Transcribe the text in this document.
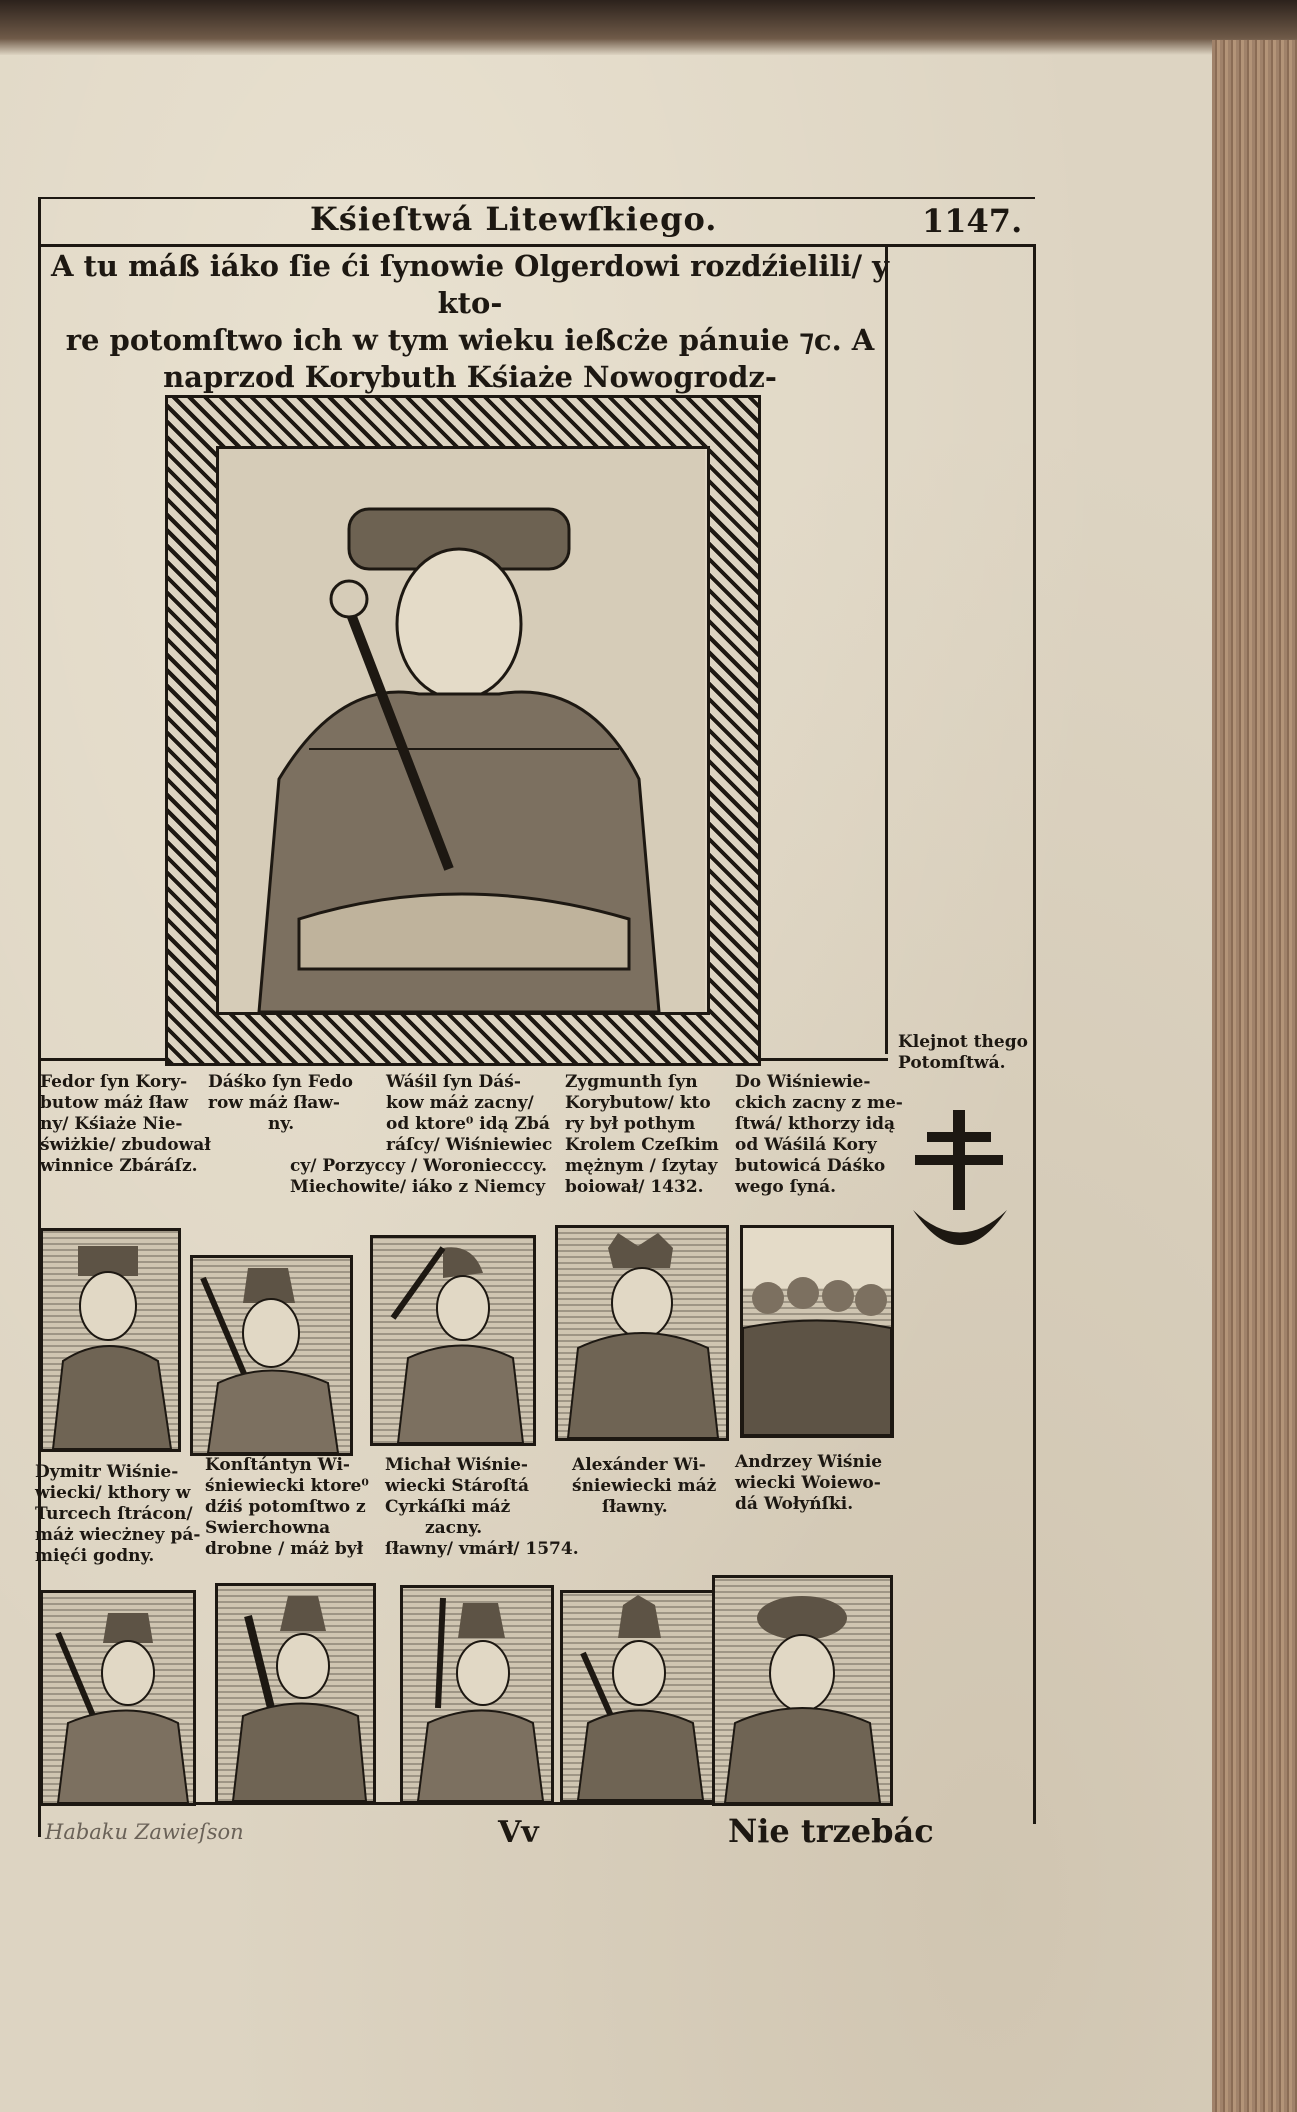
Kśieſtwá Litewſkiego.	1147.
A tu máß iáko ſie ći ſynowie Olgerdowi rozdźielili/ y kto-
re potomſtwo ich w tym wieku ießcże pánuie ⁊c. A
naprzod Korybuth Kśiaże Nowogrodz-
Klejnot thego
Potomſtwá.
Fedor ſyn Kory-
butow máż ſław
ny/ Kśiaże Nie-
świżkie/ zbudował
winnice Zbáráſz.
Dáśko ſyn Fedo
row máż ſław-
ny.
Wáśil ſyn Dáś-
kow máż zacny/
od ktore⁰ idą Zbá
ráſcy/ Wiśniewiec
cy/ Porzyccy / Woroniecccy.
Miechowite/ iáko z Niemcy
Zygmunth ſyn
Korybutow/ kto
ry był pothym
Krolem Czeſkim
mężnym / ſzytay
boiował/ 1432.
Do Wiśniewie-
ckich zacny z me-
ſtwá/ kthorzy idą
od Wáśilá Kory
butowicá Dáśko
wego ſyná.
Dymitr Wiśnie-
wiecki/ kthory w
Turcech ſtrácon/
máż wiecżney pá-
mięći godny.
Konſtántyn Wi-
śniewiecki ktore⁰
dźiś potomſtwo z
Swierchowna
drobne / máż był
Michał Wiśnie-
wiecki Stároſtá
Cyrkáſki máż
zacny.
ſławny/ vmárł/ 1574.
Alexánder Wi-
śniewiecki máż
ſławny.
Andrzey Wiśnie
wiecki Woiewo-
dá Wołyńſki.
Habaku Zawieſson	Vv	Nie trzebác
